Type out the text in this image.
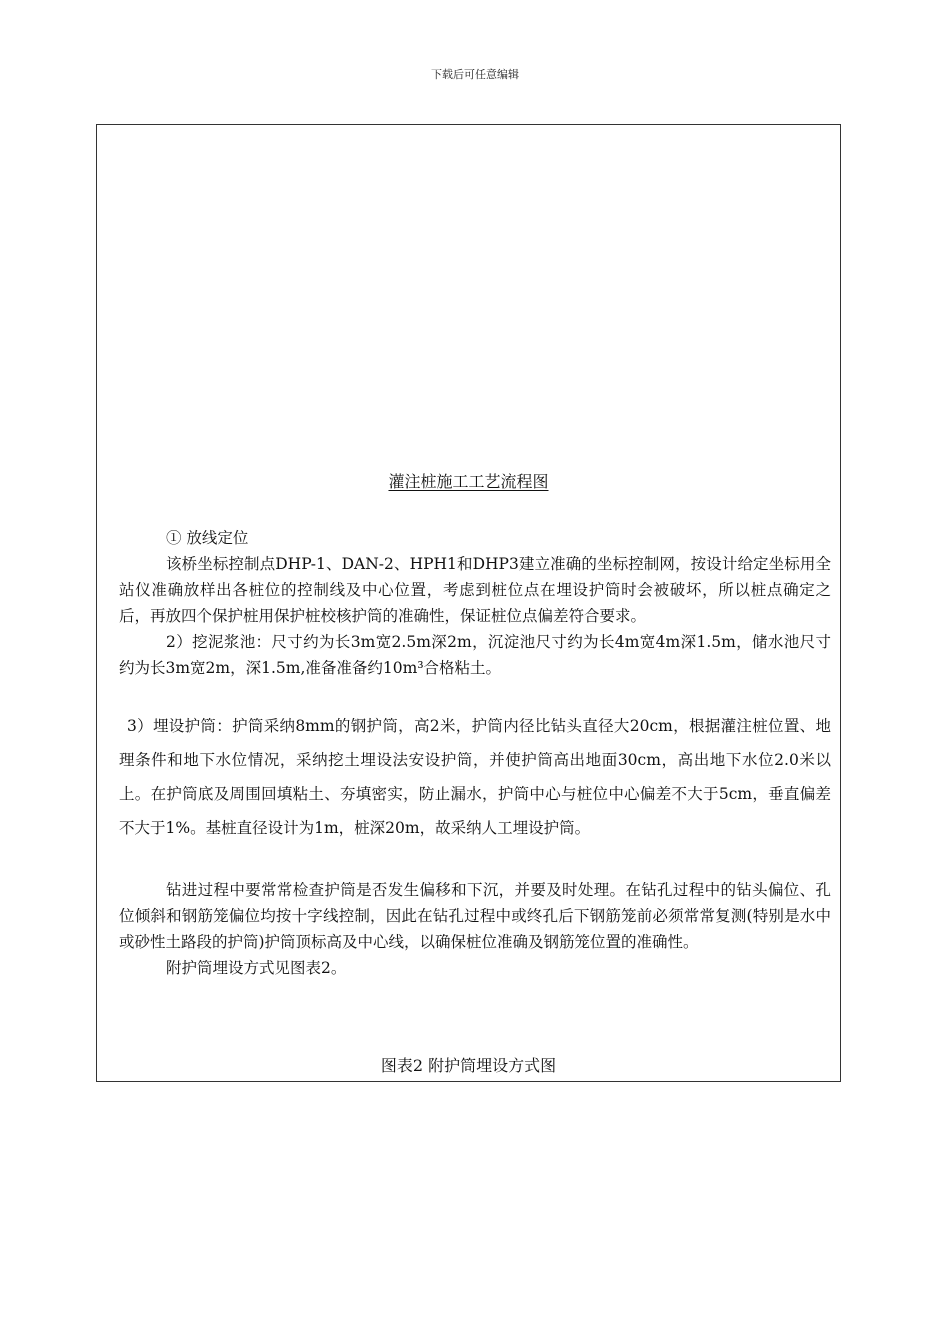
下载后可任意编辑
灌注桩施工工艺流程图

① 放线定位

该桥坐标控制点DHP-1、DAN-2、HPH1和DHP3建立准确的坐标控制网，按设计给定坐标用全站仪准确放样出各桩位的控制线及中心位置，考虑到桩位点在埋设护筒时会被破坏，所以桩点确定之后，再放四个保护桩用保护桩校核护筒的准确性，保证桩位点偏差符合要求。

2）挖泥浆池：尺寸约为长3m宽2.5m深2m，沉淀池尺寸约为长4m宽4m深1.5m，储水池尺寸约为长3m宽2m，深1.5m,准备准备约10m³合格粘土。

3）埋设护筒：护筒采纳8mm的钢护筒，高2米，护筒内径比钻头直径大20cm，根据灌注桩位置、地理条件和地下水位情况，采纳挖土埋设法安设护筒，并使护筒高出地面30cm，高出地下水位2.0米以上。在护筒底及周围回填粘土、夯填密实，防止漏水，护筒中心与桩位中心偏差不大于5cm，垂直偏差不大于1%。基桩直径设计为1m，桩深20m，故采纳人工埋设护筒。

钻进过程中要常常检查护筒是否发生偏移和下沉，并要及时处理。在钻孔过程中的钻头偏位、孔位倾斜和钢筋笼偏位均按十字线控制，因此在钻孔过程中或终孔后下钢筋笼前必须常常复测(特别是水中或砂性土路段的护筒)护筒顶标高及中心线，以确保桩位准确及钢筋笼位置的准确性。

附护筒埋设方式见图表2。

图表2 附护筒埋设方式图
